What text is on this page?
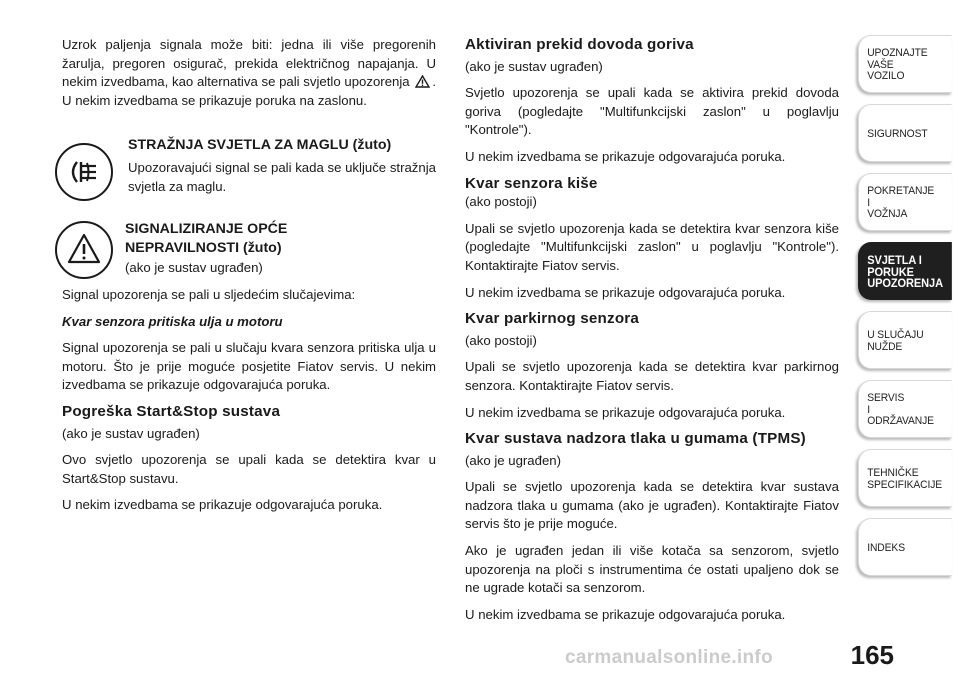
Uzrok paljenja signala može biti: jedna ili više pregorenih žarulja, pregoren osigurač, prekida električnog napajanja. U nekim izvedbama, kao alternativa se pali svjetlo upozorenja . U nekim izvedbama se prikazuje poruka na zaslonu.

STRAŽNJA SVJETLA ZA MAGLU (žuto)

Upozoravajući signal se pali kada se uključe stražnja svjetla za maglu.

SIGNALIZIRANJE OPĆE
NEPRAVILNOSTI (žuto)

(ako je sustav ugrađen)

Signal upozorenja se pali u sljedećim slučajevima:

Kvar senzora pritiska ulja u motoru

Signal upozorenja se pali u slučaju kvara senzora pritiska ulja u motoru. Što je prije moguće posjetite Fiatov servis. U nekim izvedbama se prikazuje odgovarajuća poruka.

Pogreška Start&Stop sustava

(ako je sustav ugrađen)

Ovo svjetlo upozorenja se upali kada se detektira kvar u Start&Stop sustavu.

U nekim izvedbama se prikazuje odgovarajuća poruka.

Aktiviran prekid dovoda goriva

(ako je sustav ugrađen)

Svjetlo upozorenja se upali kada se aktivira prekid dovoda goriva (pogledajte "Multifunkcijski zaslon" u poglavlju "Kontrole").

U nekim izvedbama se prikazuje odgovarajuća poruka.

Kvar senzora kiše

(ako postoji)

Upali se svjetlo upozorenja kada se detektira kvar senzora kiše (pogledajte "Multifunkcijski zaslon" u poglavlju "Kontrole"). Kontaktirajte Fiatov servis.

U nekim izvedbama se prikazuje odgovarajuća poruka.

Kvar parkirnog senzora

(ako postoji)

Upali se svjetlo upozorenja kada se detektira kvar parkirnog senzora. Kontaktirajte Fiatov servis.

U nekim izvedbama se prikazuje odgovarajuća poruka.

Kvar sustava nadzora tlaka u gumama (TPMS)

(ako je ugrađen)

Upali se svjetlo upozorenja kada se detektira kvar sustava nadzora tlaka u gumama (ako je ugrađen). Kontaktirajte Fiatov servis što je prije moguće.

Ako je ugrađen jedan ili više kotača sa senzorom, svjetlo upozorenja na ploči s instrumentima će ostati upaljeno dok se ne ugrade kotači sa senzorom.

U nekim izvedbama se prikazuje odgovarajuća poruka.

UPOZNAJTE
VAŠE
VOZILO
SIGURNOST
POKRETANJE
I
VOŽNJA
SVJETLA I
PORUKE
UPOZORENJA
U SLUČAJU
NUŽDE
SERVIS
I
ODRŽAVANJE
TEHNIČKE
SPECIFIKACIJE
INDEKS
165
carmanualsonline.info
